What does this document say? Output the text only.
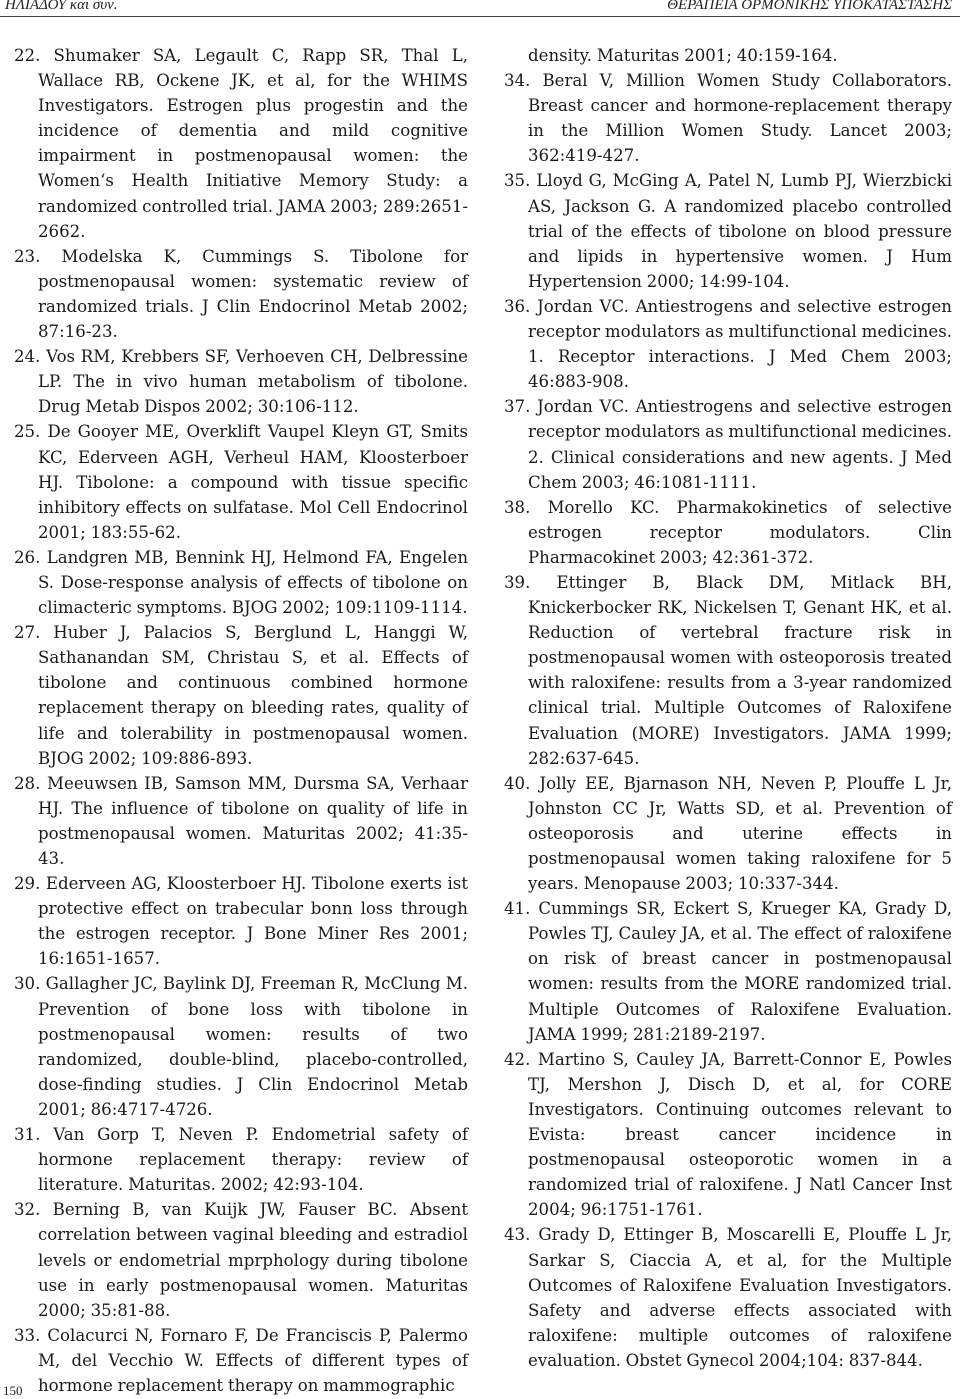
ΗΛΙΑΔΟΥ και συν.	ΘΕΡΑΠΕΙΑ ΟΡΜΟΝΙΚΗΣ ΥΠΟΚΑΤΑΣΤΑΣΗΣ

22. Shumaker SA, Legault C, Rapp SR, Thal L, Wallace RB, Ockene JK, et al, for the WHIMS Investigators. Estrogen plus progestin and the incidence of dementia and mild cognitive impairment in postmenopausal women: the Women‘s Health Initiative Memory Study: a randomized controlled trial. JAMA 2003; 289:2651-2662.

23. Modelska K, Cummings S. Tibolone for postmenopausal women: systematic review of randomized trials. J Clin Endocrinol Metab 2002; 87:16-23.

24. Vos RM, Krebbers SF, Verhoeven CH, Delbressine LP. The in vivo human metabolism of tibolone. Drug Metab Dispos 2002; 30:106-112.

25. De Gooyer ME, Overklift Vaupel Kleyn GT, Smits KC, Ederveen AGH, Verheul HAM, Kloosterboer HJ. Tibolone: a compound with tissue specific inhibitory effects on sulfatase. Mol Cell Endocrinol 2001; 183:55-62.

26. Landgren MB, Bennink HJ, Helmond FA, Engelen S. Dose-response analysis of effects of tibolone on climacteric symptoms. BJOG 2002; 109:1109-1114.

27. Huber J, Palacios S, Berglund L, Hanggi W, Sathanandan SM, Christau S, et al. Effects of tibolone and continuous combined hormone replacement therapy on bleeding rates, quality of life and tolerability in postmenopausal women. BJOG 2002; 109:886-893.

28. Meeuwsen IB, Samson MM, Dursma SA, Verhaar HJ. The influence of tibolone on quality of life in postmenopausal women. Maturitas 2002; 41:35-43.

29. Ederveen AG, Kloosterboer HJ. Tibolone exerts ist protective effect on trabecular bonn loss through the estrogen receptor. J Bone Miner Res 2001; 16:1651-1657.

30. Gallagher JC, Baylink DJ, Freeman R, McClung M. Prevention of bone loss with tibolone in postmenopausal women: results of two randomized, double-blind, placebo-controlled, dose-finding studies. J Clin Endocrinol Metab 2001; 86:4717-4726.

31. Van Gorp T, Neven P. Endometrial safety of hormone replacement therapy: review of literature. Maturitas. 2002; 42:93-104.

32. Berning B, van Kuijk JW, Fauser BC. Absent correlation between vaginal bleeding and estradiol levels or endometrial mprphology during tibolone use in early postmenopausal women. Maturitas 2000; 35:81-88.

33. Colacurci N, Fornaro F, De Franciscis P, Palermo M, del Vecchio W. Effects of different types of hormone replacement therapy on mammographic

density. Maturitas 2001; 40:159-164.

34. Beral V, Million Women Study Collaborators. Breast cancer and hormone-replacement therapy in the Million Women Study. Lancet 2003; 362:419-427.

35. Lloyd G, McGing A, Patel N, Lumb PJ, Wierzbicki AS, Jackson G. A randomized placebo controlled trial of the effects of tibolone on blood pressure and lipids in hypertensive women. J Hum Hypertension 2000; 14:99-104.

36. Jordan VC. Antiestrogens and selective estrogen receptor modulators as multifunctional medicines. 1. Receptor interactions. J Med Chem 2003; 46:883-908.

37. Jordan VC. Antiestrogens and selective estrogen receptor modulators as multifunctional medicines. 2. Clinical considerations and new agents. J Med Chem 2003; 46:1081-1111.

38. Morello KC. Pharmakokinetics of selective estrogen receptor modulators. Clin Pharmacokinet 2003; 42:361-372.

39. Ettinger B, Black DM, Mitlack BH, Knickerbocker RK, Nickelsen T, Genant HK, et al. Reduction of vertebral fracture risk in postmenopausal women with osteoporosis treated with raloxifene: results from a 3-year randomized clinical trial. Multiple Outcomes of Raloxifene Evaluation (MORE) Investigators. JAMA 1999; 282:637-645.

40. Jolly EE, Bjarnason NH, Neven P, Plouffe L Jr, Johnston CC Jr, Watts SD, et al. Prevention of osteoporosis and uterine effects in postmenopausal women taking raloxifene for 5 years. Menopause 2003; 10:337-344.

41. Cummings SR, Eckert S, Krueger KA, Grady D, Powles TJ, Cauley JA, et al. The effect of raloxifene on risk of breast cancer in postmenopausal women: results from the MORE randomized trial. Multiple Outcomes of Raloxifene Evaluation. JAMA 1999; 281:2189-2197.

42. Martino S, Cauley JA, Barrett-Connor E, Powles TJ, Mershon J, Disch D, et al, for CORE Investigators. Continuing outcomes relevant to Evista: breast cancer incidence in postmenopausal osteoporotic women in a randomized trial of raloxifene. J Natl Cancer Inst 2004; 96:1751-1761.

43. Grady D, Ettinger B, Moscarelli E, Plouffe L Jr, Sarkar S, Ciaccia A, et al, for the Multiple Outcomes of Raloxifene Evaluation Investigators. Safety and adverse effects associated with raloxifene: multiple outcomes of raloxifene evaluation. Obstet Gynecol 2004;104: 837-844.

150
